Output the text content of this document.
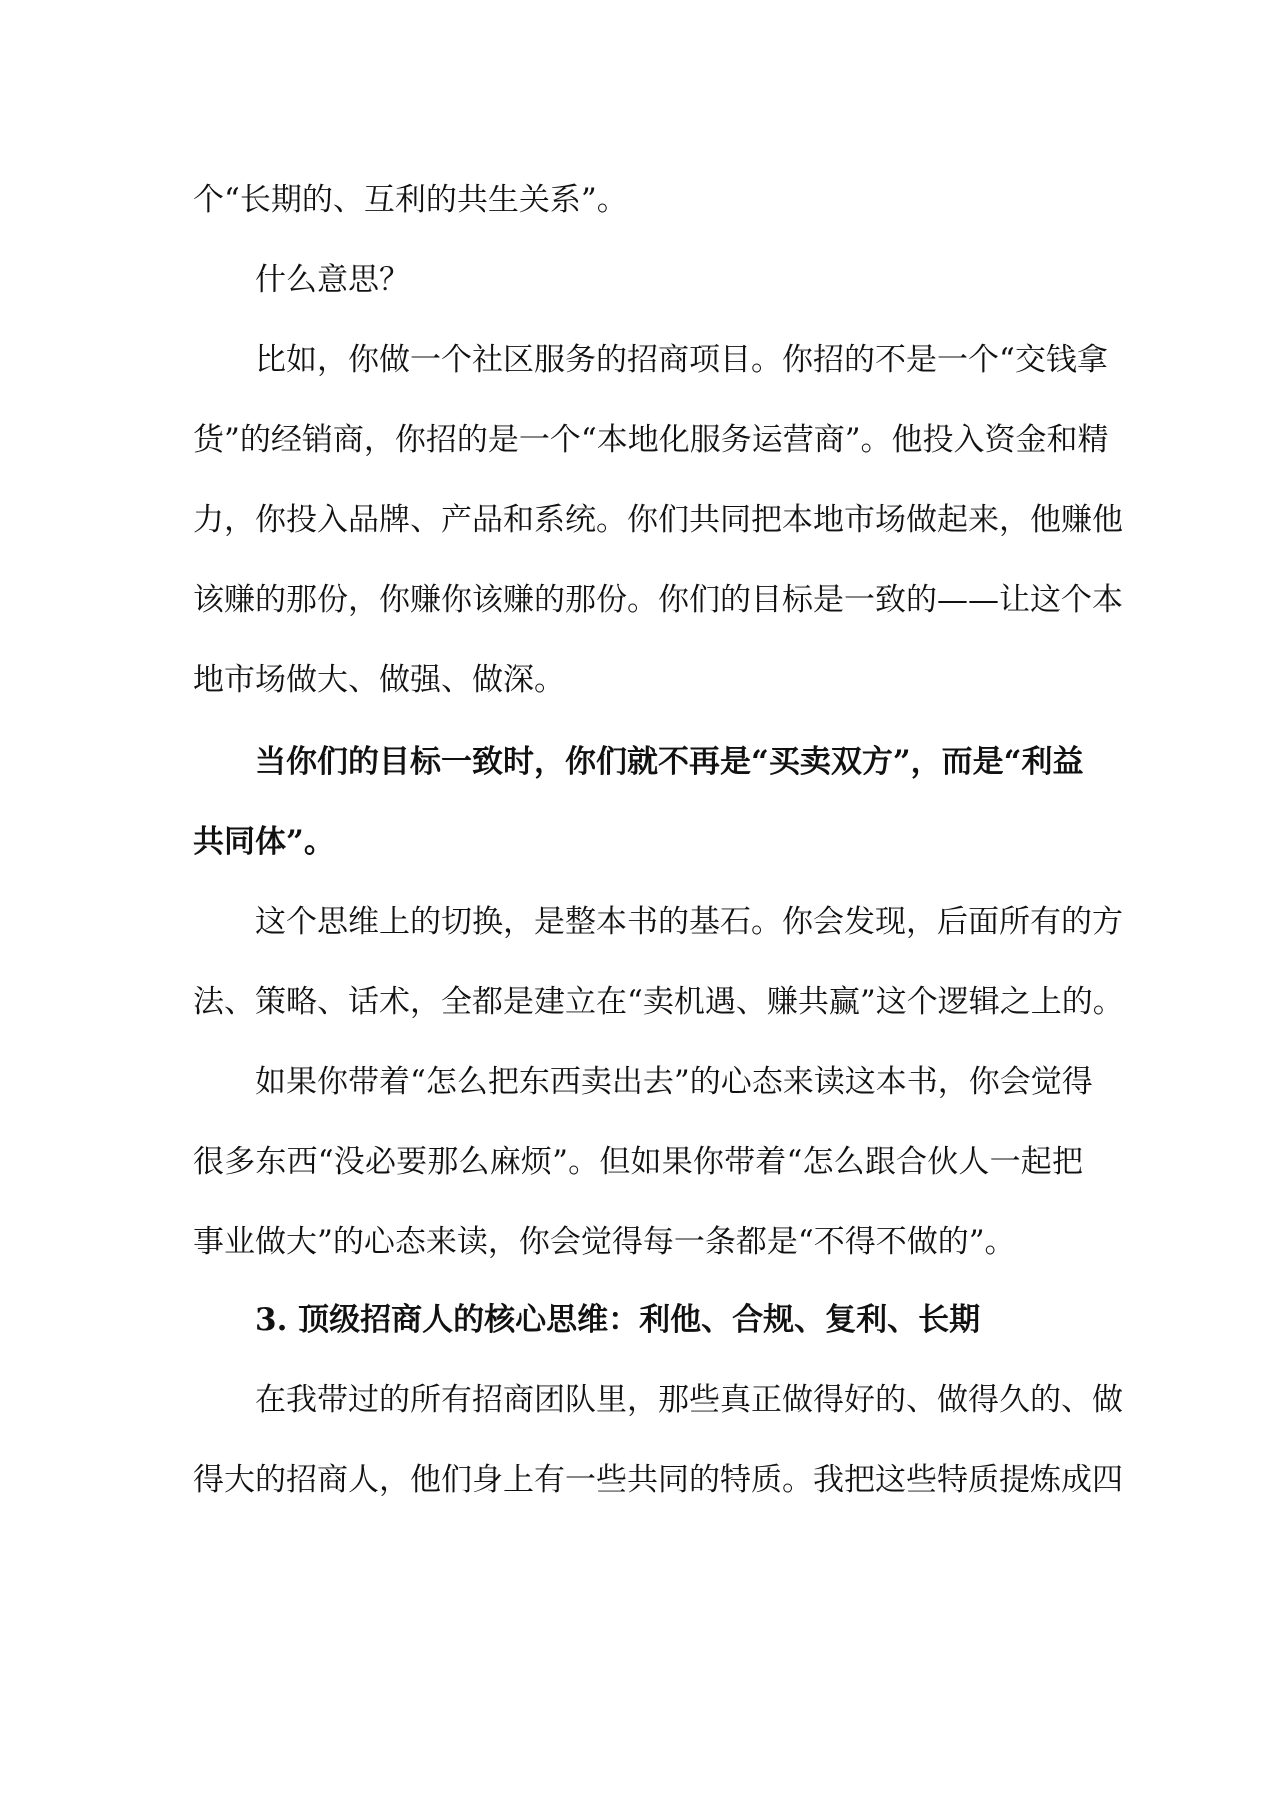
个“长期的、互利的共生关系”。
什么意思？
比如，你做一个社区服务的招商项目。你招的不是一个“交钱拿
货”的经销商，你招的是一个“本地化服务运营商”。他投入资金和精
力，你投入品牌、产品和系统。你们共同把本地市场做起来，他赚他
该赚的那份，你赚你该赚的那份。你们的目标是一致的——让这个本
地市场做大、做强、做深。
当你们的目标一致时，你们就不再是“买卖双方”，而是“利益
共同体”。
这个思维上的切换，是整本书的基石。你会发现，后面所有的方
法、策略、话术，全都是建立在“卖机遇、赚共赢”这个逻辑之上的。
如果你带着“怎么把东西卖出去”的心态来读这本书，你会觉得
很多东西“没必要那么麻烦”。但如果你带着“怎么跟合伙人一起把
事业做大”的心态来读，你会觉得每一条都是“不得不做的”。
3. 顶级招商人的核心思维：利他、合规、复利、长期
在我带过的所有招商团队里，那些真正做得好的、做得久的、做
得大的招商人，他们身上有一些共同的特质。我把这些特质提炼成四
